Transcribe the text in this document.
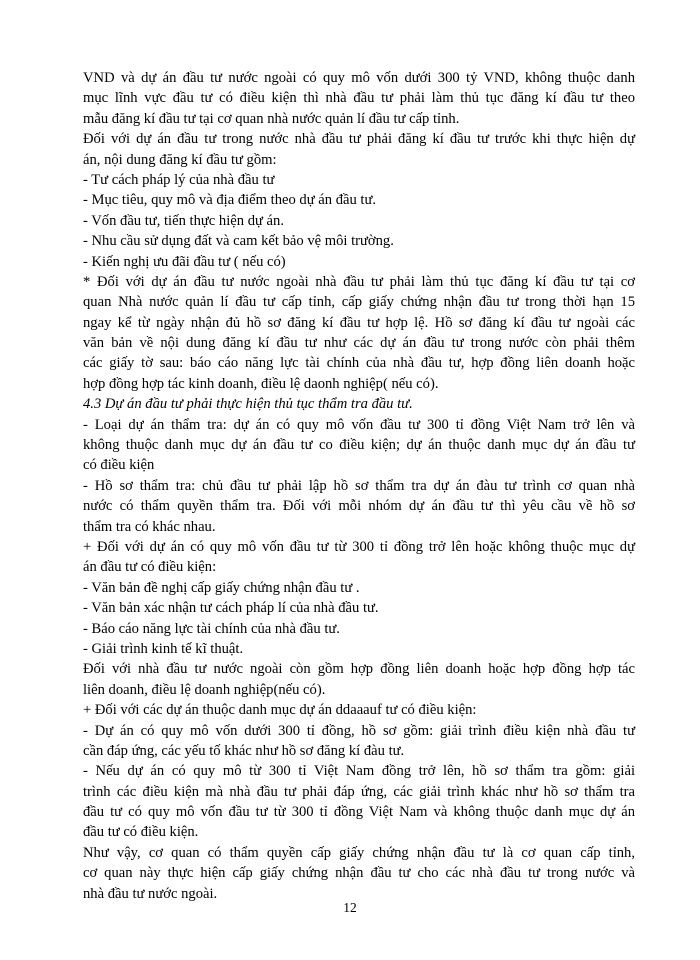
VND và dự án đầu tư nước ngoài có quy mô vốn dưới 300 tỷ VND, không thuộc danh
mục lĩnh vực đầu tư có điều kiện thì nhà đầu tư phải làm thủ tục đăng kí đầu tư theo
mẫu đăng kí đầu tư tại cơ quan nhà nước quản lí đầu tư cấp tỉnh.
Đối với dự án đầu tư trong nước nhà đầu tư phải đăng kí đầu tư trước khi thực hiện dự
án, nội dung đăng kí đầu tư gồm:
- Tư cách pháp lý của nhà đầu tư
- Mục tiêu, quy mô và địa điểm theo dự án đầu tư.
- Vốn đầu tư, tiến thực hiện dự án.
- Nhu cầu sử dụng đất và cam kết bảo vệ môi trường.
- Kiến nghị ưu đãi đầu tư ( nếu có)
* Đối với dự án đầu tư nước ngoài nhà đầu tư phải làm thủ tục đăng kí đầu tư tại cơ
quan Nhà nước quản lí đầu tư cấp tỉnh, cấp giấy chứng nhận đầu tư trong thời hạn 15
ngay kể từ ngày nhận đủ hồ sơ đăng kí đầu tư hợp lệ. Hồ sơ đăng kí đầu tư ngoài các
văn bản về nội dung đăng kí đầu tư như các dự án đầu tư trong nước còn phải thêm
các giấy tờ sau: báo cáo năng lực tài chính của nhà đầu tư, hợp đồng liên doanh hoặc
hợp đồng hợp tác kinh doanh, điều lệ daonh nghiệp( nếu có).
4.3 Dự án đầu tư phải thực hiện thủ tục thẩm tra đầu tư.
- Loại dự án thẩm tra: dự án có quy mô vốn đầu tư 300 tỉ đồng Việt Nam trở lên và
không thuộc danh mục dự án đầu tư co điều kiện; dự án thuộc danh mục dự án đầu tư
có điều kiện
- Hồ sơ thẩm tra: chủ đầu tư phải lập hồ sơ thẩm tra dự án đàu tư trình cơ quan nhà
nước có thẩm quyền thẩm tra. Đối với mỗi nhóm dự án đầu tư thì yêu cầu về hồ sơ
thẩm tra có khác nhau.
+ Đối với dự án có quy mô vốn đầu tư từ 300 tỉ đồng trở lên hoặc không thuộc mục dự
án đầu tư có điều kiện:
- Văn bản đề nghị cấp giấy chứng nhận đầu tư .
- Văn bản xác nhận tư cách pháp lí của nhà đầu tư.
- Báo cáo năng lực tài chính của nhà đầu tư.
- Giải trình kinh tế kĩ thuật.
Đối với nhà đầu tư nước ngoài còn gồm hợp đồng liên doanh hoặc hợp đồng hợp tác
liên doanh, điều lệ doanh nghiệp(nếu có).
+ Đối với các dự án thuộc danh mục dự án ddaaauf tư có điều kiện:
- Dự án có quy mô vốn dưới 300 tỉ đồng, hồ sơ gồm: giải trình điều kiện nhà đầu tư
cần đáp ứng, các yếu tố khác như hồ sơ đăng kí đàu tư.
- Nếu dự án có quy mô từ 300 tỉ Việt Nam đồng trở lên, hồ sơ thẩm tra gồm: giải
trình các điều kiện mà nhà đầu tư phải đáp ứng, các giải trình khác như hồ sơ thẩm tra
đầu tư có quy mô vốn đầu tư từ 300 tỉ đồng Việt Nam và không thuộc danh mục dự án
đầu tư có điều kiện.
Như vậy, cơ quan có thẩm quyền cấp giấy chứng nhận đầu tư là cơ quan cấp tỉnh,
cơ quan này thực hiện cấp giấy chứng nhận đầu tư cho các nhà đầu tư trong nước và
nhà đầu tư nước ngoài.
12
